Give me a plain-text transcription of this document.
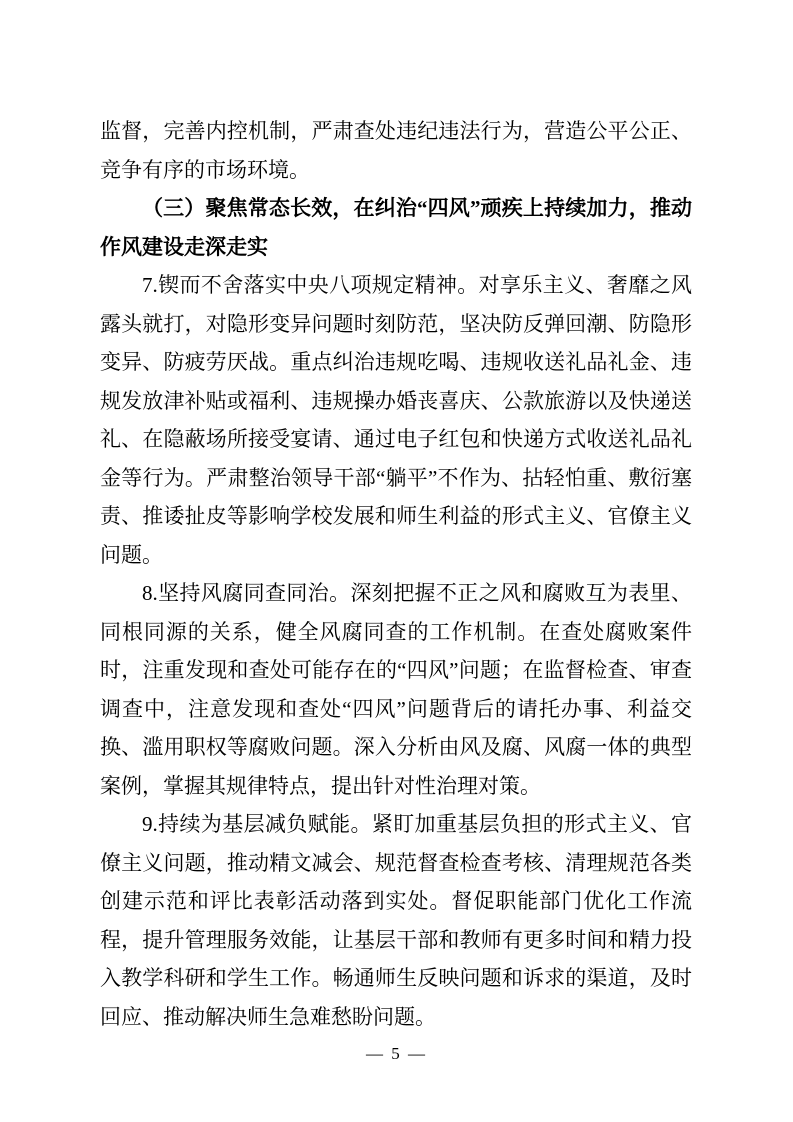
监督，完善内控机制，严肃查处违纪违法行为，营造公平公正、竞争有序的市场环境。

（三）聚焦常态长效，在纠治“四风”顽疾上持续加力，推动作风建设走深走实

7.锲而不舍落实中央八项规定精神。对享乐主义、奢靡之风露头就打，对隐形变异问题时刻防范，坚决防反弹回潮、防隐形变异、防疲劳厌战。重点纠治违规吃喝、违规收送礼品礼金、违规发放津补贴或福利、违规操办婚丧喜庆、公款旅游以及快递送礼、在隐蔽场所接受宴请、通过电子红包和快递方式收送礼品礼金等行为。严肃整治领导干部“躺平”不作为、拈轻怕重、敷衍塞责、推诿扯皮等影响学校发展和师生利益的形式主义、官僚主义问题。

8.坚持风腐同查同治。深刻把握不正之风和腐败互为表里、同根同源的关系，健全风腐同查的工作机制。在查处腐败案件时，注重发现和查处可能存在的“四风”问题；在监督检查、审查调查中，注意发现和查处“四风”问题背后的请托办事、利益交换、滥用职权等腐败问题。深入分析由风及腐、风腐一体的典型案例，掌握其规律特点，提出针对性治理对策。

9.持续为基层减负赋能。紧盯加重基层负担的形式主义、官僚主义问题，推动精文减会、规范督查检查考核、清理规范各类创建示范和评比表彰活动落到实处。督促职能部门优化工作流程，提升管理服务效能，让基层干部和教师有更多时间和精力投入教学科研和学生工作。畅通师生反映问题和诉求的渠道，及时回应、推动解决师生急难愁盼问题。

— 5 —
